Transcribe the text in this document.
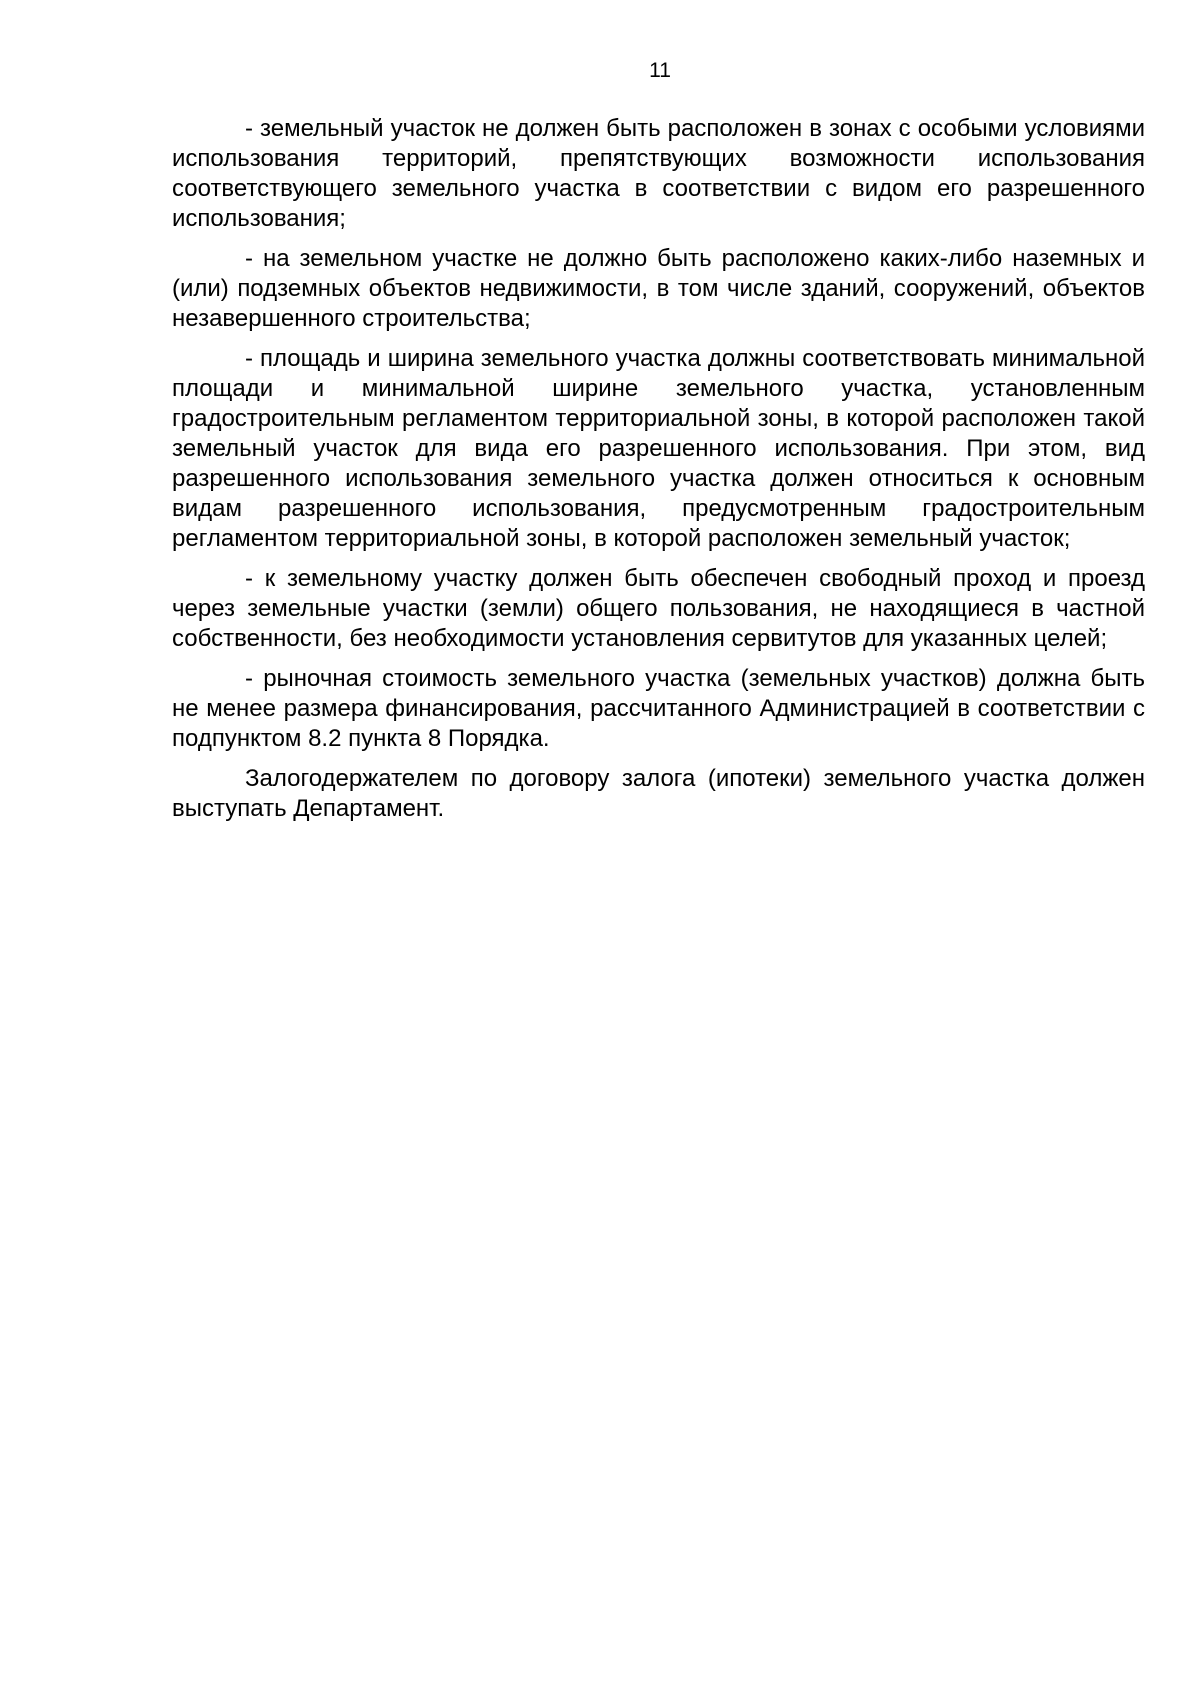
11

- земельный участок не должен быть расположен в зонах с особыми условиями использования территорий, препятствующих возможности использования соответствующего земельного участка в соответствии с видом его разрешенного использования;

- на земельном участке не должно быть расположено каких-либо наземных и (или) подземных объектов недвижимости, в том числе зданий, сооружений, объектов незавершенного строительства;

- площадь и ширина земельного участка должны соответствовать минимальной площади и минимальной ширине земельного участка, установленным градостроительным регламентом территориальной зоны, в которой расположен такой земельный участок для вида его разрешенного использования. При этом, вид разрешенного использования земельного участка должен относиться к основным видам разрешенного использования, предусмотренным градостроительным регламентом территориальной зоны, в которой расположен земельный участок;

- к земельному участку должен быть обеспечен свободный проход и проезд через земельные участки (земли) общего пользования, не находящиеся в частной собственности, без необходимости установления сервитутов для указанных целей;

- рыночная стоимость земельного участка (земельных участков) должна быть не менее размера финансирования, рассчитанного Администрацией в соответствии с подпунктом 8.2 пункта 8 Порядка.

Залогодержателем по договору залога (ипотеки) земельного участка должен выступать Департамент.
